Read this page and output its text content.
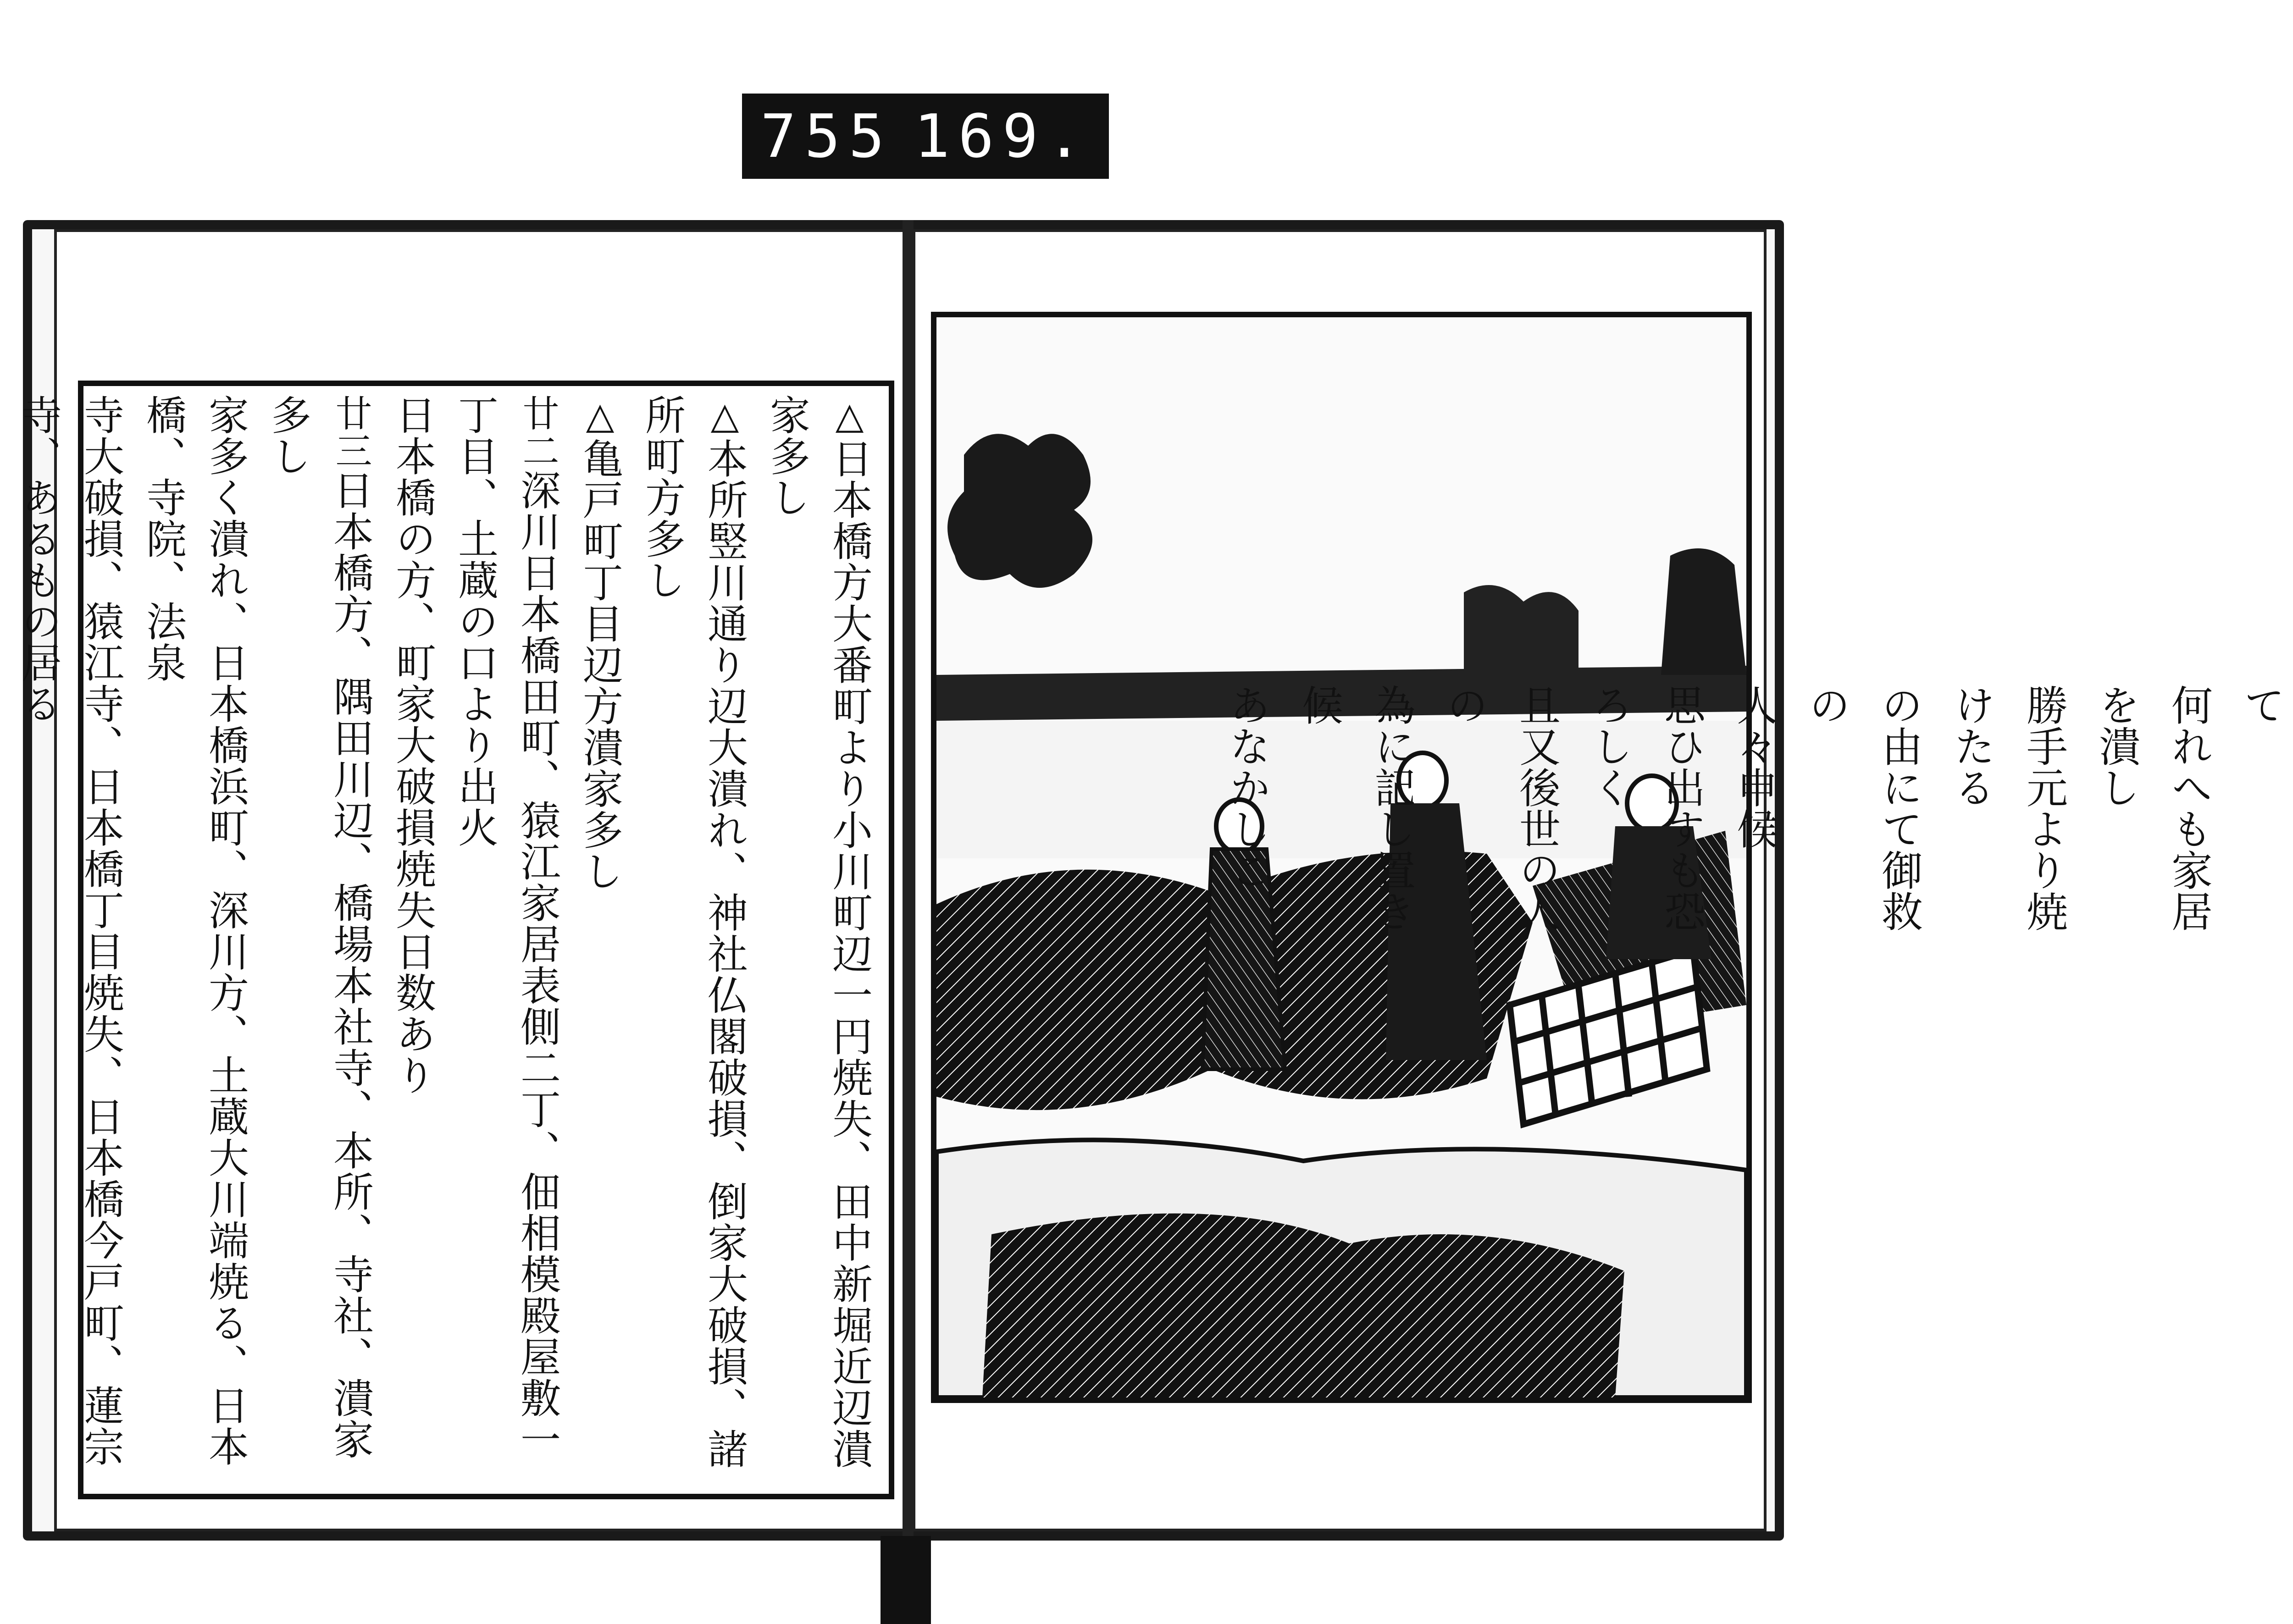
755 169.
△日本橋方大番町より小川町辺一円焼失、田中新堀近辺潰家多し
△本所竪川通り辺大潰れ、神社仏閣破損、倒家大破損、諸所町方多し
△亀戸町丁目辺方潰家多し
廿二深川日本橋田町、猿江家居表側二丁、佃相模殿屋敷一丁目、土蔵の口より出火
日本橋の方、町家大破損焼失日数あり
廿三日本橋方、隅田川辺、橋場本社寺、本所、寺社、潰家多し
家多く潰れ、日本橋浜町、深川方、土蔵大川端焼る、日本橋、寺院、法泉
寺大破損、猿江寺、日本橋丁目焼失、日本橋今戸町、蓮宗寺、あるもの居る	て
何れへも家居を潰し
勝手元より焼けたる
の由にて御救の
人々申候
思ひ出すも恐ろしく
且又後世の人の
為に記し置き候
あなかしこ
